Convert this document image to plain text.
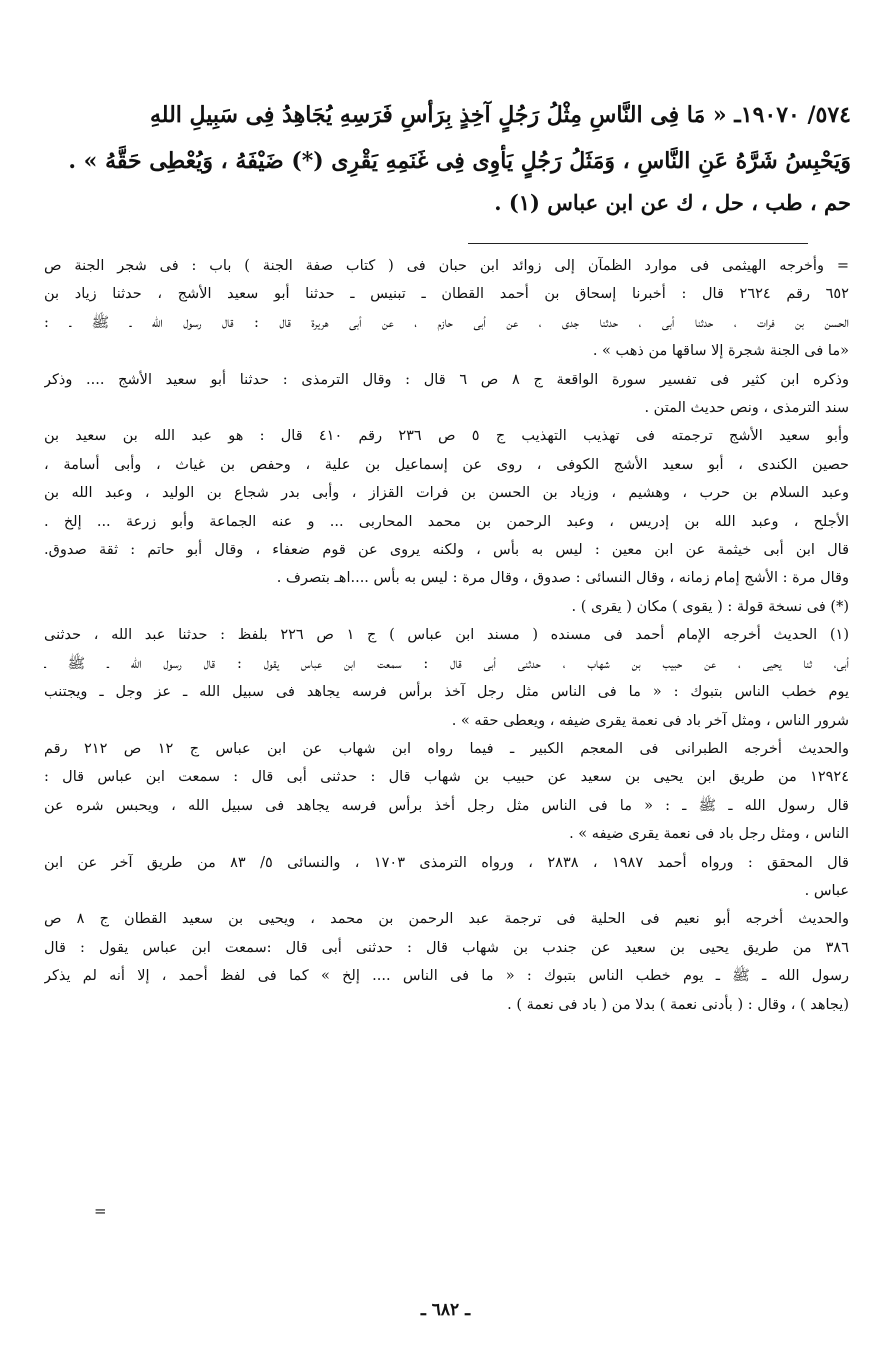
٥٧٤/ ١٩٠٧٠ـ « مَا فِى النَّاسِ مِثْلُ رَجُلٍ آخِذٍ بِرَأسِ فَرَسِهِ يُجَاهِدُ فِى سَبِيلِ اللهِ
وَيَحْبِسُ شَرَّهُ عَنِ النَّاسِ ، وَمَثَلُ رَجُلٍ يَأوِى فِى غَنَمِهِ يَقْرِى (*) ضَيْفَهُ ، وَيُعْطِى حَقَّهُ » .
حم ، طب ، حل ، ك عن ابن عباس (١) .
= وأخرجه الهيثمى فى موارد الظمآن إلى زوائد ابن حبان فى ( كتاب صفة الجنة ) باب : فى شجر الجنة ص
٦٥٢ رقم ٢٦٢٤ قال : أخبرنا إسحاق بن أحمد القطان ـ تبنيس ـ حدثنا أبو سعيد الأشج ، حدثنا زياد بن
الحسن بن فرات ، حدثنا أبى ، حدثنا جدى ، عن أبى حازم ، عن أبى هريرة قال : قال رسول الله ـ ﷺ ـ :
«ما فى الجنة شجرة إلا ساقها من ذهب » .
وذكره ابن كثير فى تفسير سورة الواقعة ج ٨ ص ٦ قال : وقال الترمذى : حدثنا أبو سعيد الأشج .... وذكر
سند الترمذى ، ونص حديث المتن .
وأبو سعيد الأشج ترجمته فى تهذيب التهذيب ج ٥ ص ٢٣٦ رقم ٤١٠ قال : هو عبد الله بن سعيد بن
حصين الكندى ، أبو سعيد الأشج الكوفى ، روى عن إسماعيل بن علية ، وحفص بن غياث ، وأبى أسامة ،
وعبد السلام بن حرب ، وهشيم ، وزياد بن الحسن بن فرات القزاز ، وأبى بدر شجاع بن الوليد ، وعبد الله بن
الأجلح ، وعبد الله بن إدريس ، وعبد الرحمن بن محمد المحاربى ... و عنه الجماعة وأبو زرعة ... إلخ .
قال ابن أبى خيثمة عن ابن معين : ليس به بأس ، ولكنه يروى عن قوم ضعفاء ، وقال أبو حاتم : ثقة صدوق.
وقال مرة : الأشج إمام زمانه ، وقال النسائى : صدوق ، وقال مرة : ليس به بأس ....اهـ بتصرف .
(*) فى نسخة قولة : ( يقوى ) مكان ( يقرى ) .
(١) الحديث أخرجه الإمام أحمد فى مسنده ( مسند ابن عباس ) ج ١ ص ٢٢٦ بلفظ : حدثنا عبد الله ، حدثنى
أبى، ثنا يحيى ، عن حبيب بن شهاب ، حدثنى أبى قال : سمعت ابن عباس يقول : قال رسول الله ـ ﷺ ـ
يوم خطب الناس بتبوك : « ما فى الناس مثل رجل آخذ برأس فرسه يجاهد فى سبيل الله ـ عز وجل ـ ويجتنب
شرور الناس ، ومثل آخر باد فى نعمة يقرى ضيفه ، ويعطى حقه » .
والحديث أخرجه الطبرانى فى المعجم الكبير ـ فيما رواه ابن شهاب عن ابن عباس ج ١٢ ص ٢١٢ رقم
١٢٩٢٤ من طريق ابن يحيى بن سعيد عن حبيب بن شهاب قال : حدثنى أبى قال : سمعت ابن عباس قال :
قال رسول الله ـ ﷺ ـ : « ما فى الناس مثل رجل أخذ برأس فرسه يجاهد فى سبيل الله ، ويحبس شره عن
الناس ، ومثل رجل باد فى نعمة يقرى ضيفه » .
قال المحقق : ورواه أحمد ١٩٨٧ ، ٢٨٣٨ ، ورواه الترمذى ١٧٠٣ ، والنسائى ٥/ ٨٣ من طريق آخر عن ابن
عباس .
والحديث أخرجه أبو نعيم فى الحلية فى ترجمة عبد الرحمن بن محمد ، ويحيى بن سعيد القطان ج ٨ ص
٣٨٦ من طريق يحيى بن سعيد عن جندب بن شهاب قال : حدثنى أبى قال :سمعت ابن عباس يقول : قال
رسول الله ـ ﷺ ـ يوم خطب الناس بتبوك : « ما فى الناس .... إلخ » كما فى لفظ أحمد ، إلا أنه لم يذكر
(يجاهد ) ، وقال : ( بأدنى نعمة ) بدلا من ( باد فى نعمة ) .
=
ـ ٦٨٢ ـ
